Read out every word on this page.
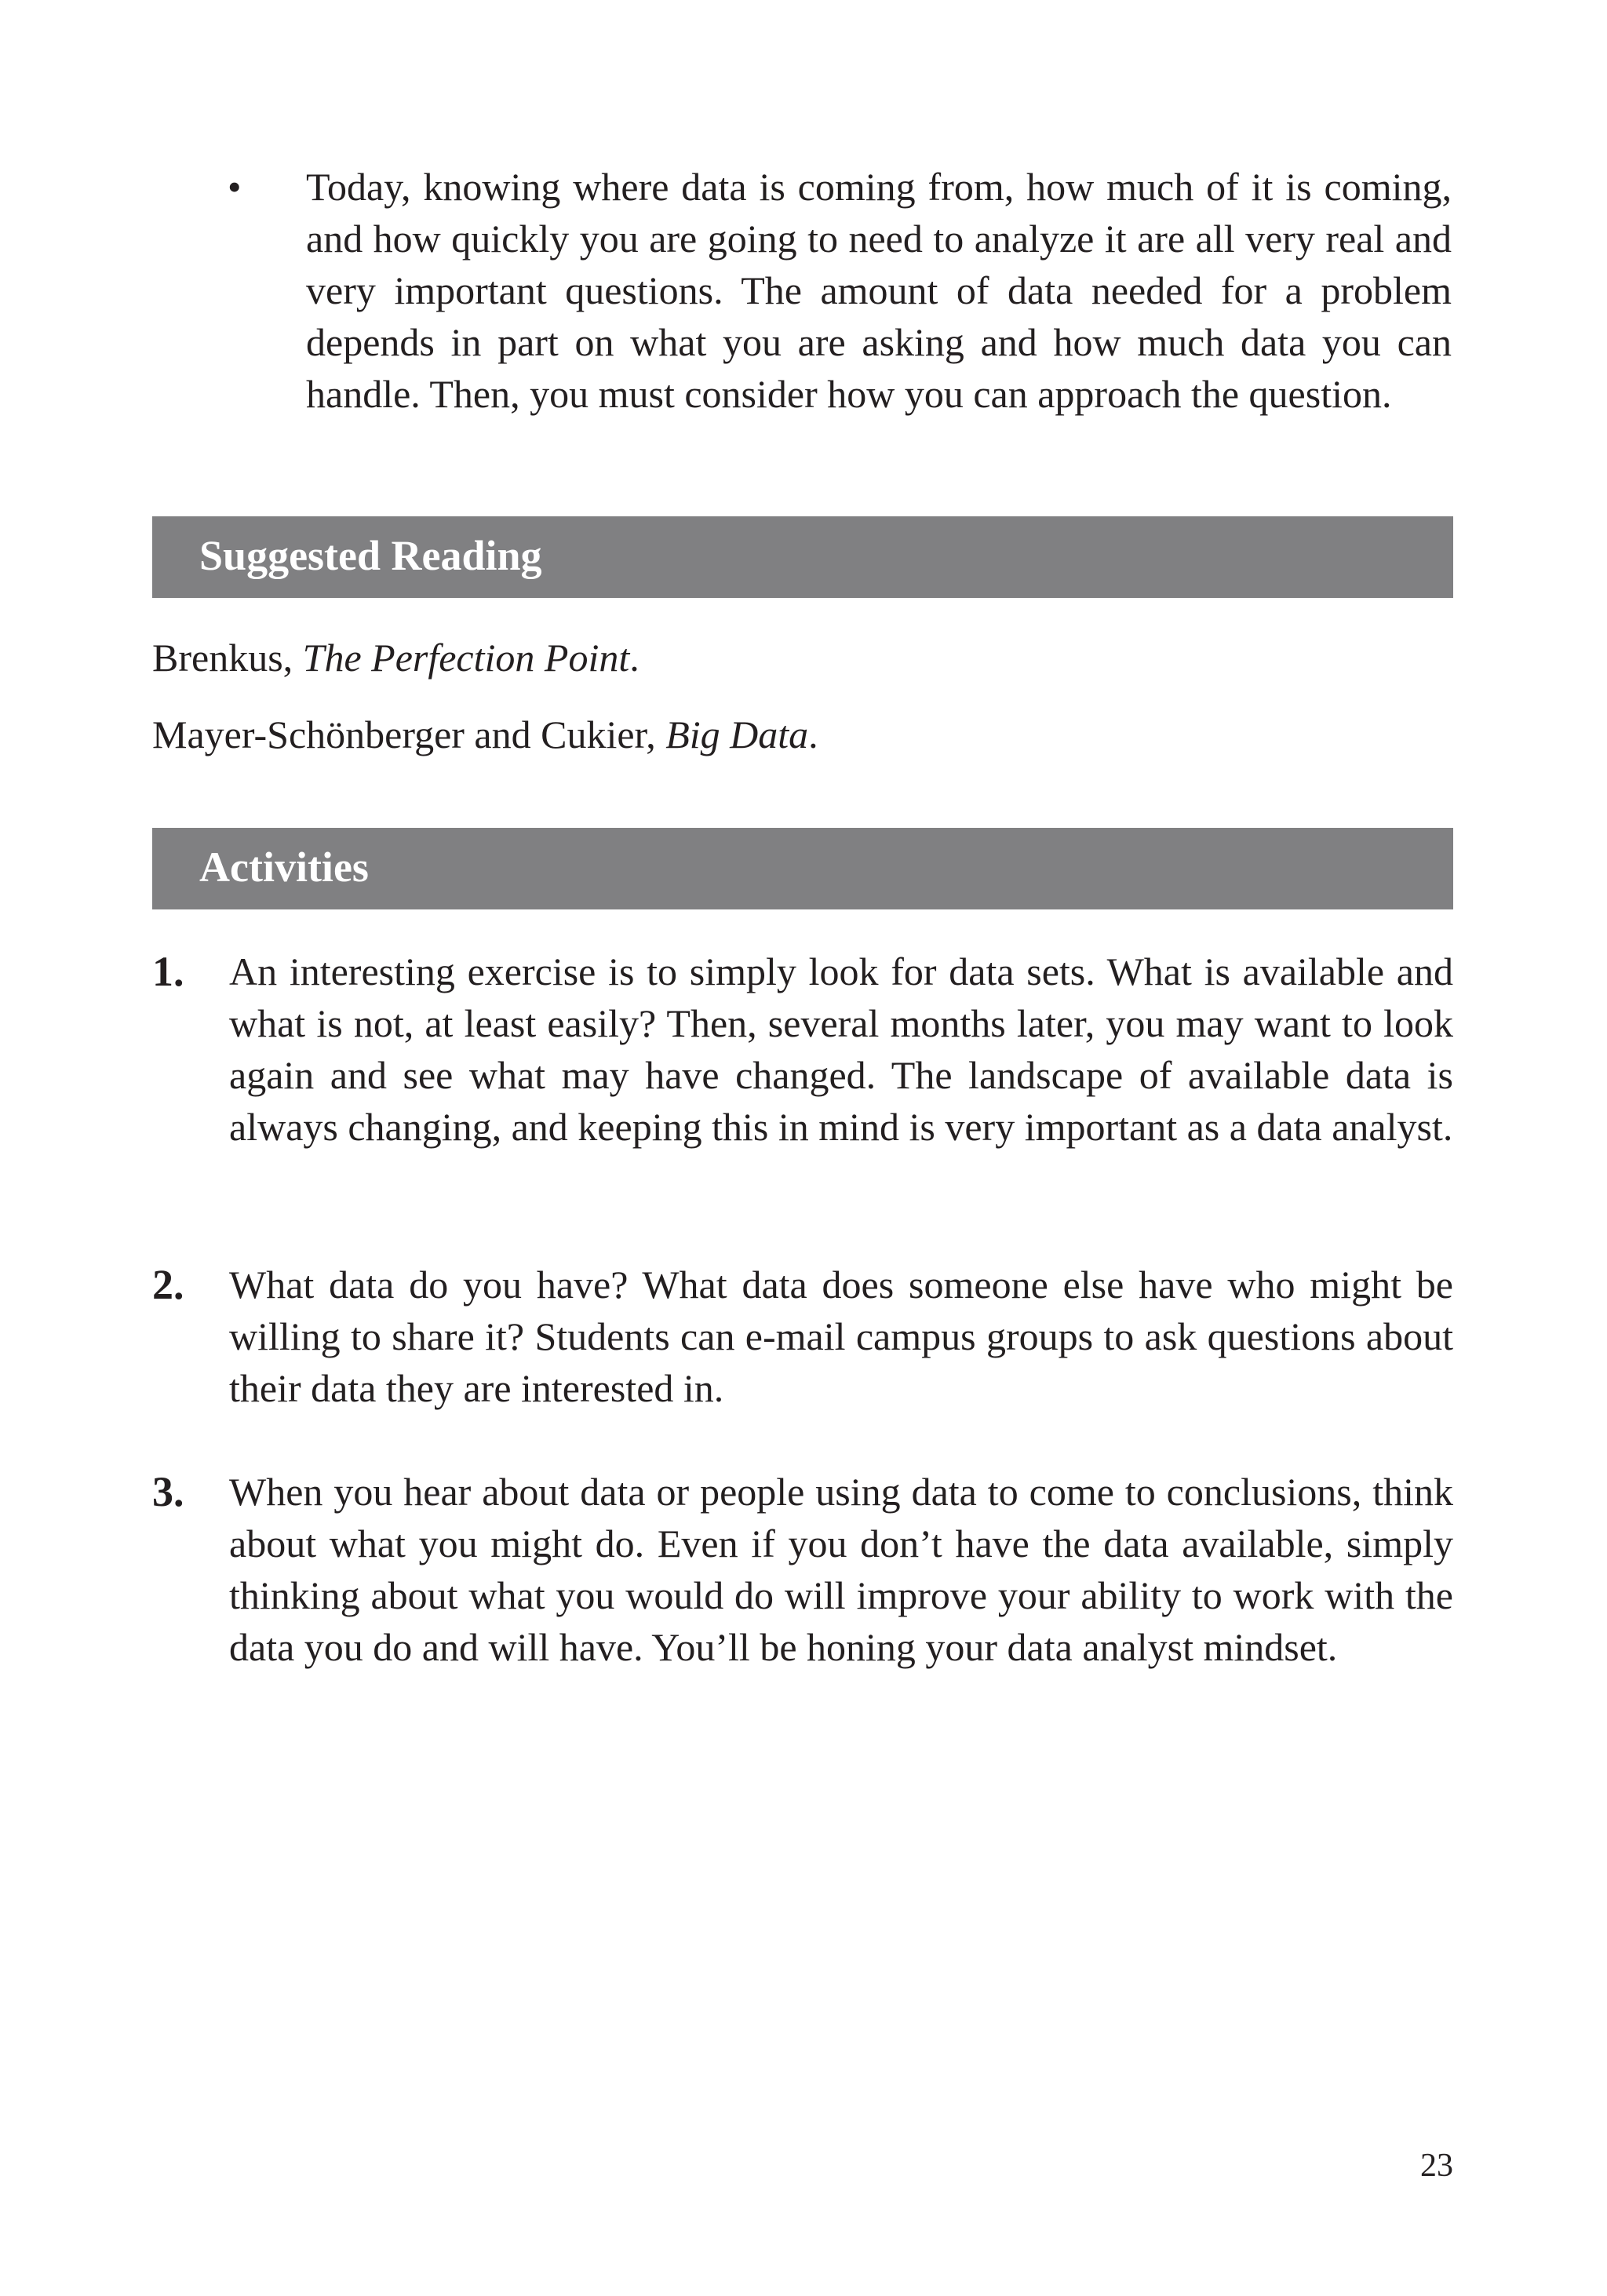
• Today, knowing where data is coming from, how much of it is coming, and how quickly you are going to need to analyze it are all very real and very important questions. The amount of data needed for a problem depends in part on what you are asking and how much data you can handle. Then, you must consider how you can approach the question.
Suggested Reading
Brenkus, The Perfection Point.
Mayer-Schönberger and Cukier, Big Data.
Activities
1. An interesting exercise is to simply look for data sets. What is available and what is not, at least easily? Then, several months later, you may want to look again and see what may have changed. The landscape of available data is always changing, and keeping this in mind is very important as a data analyst.
2. What data do you have? What data does someone else have who might be willing to share it? Students can e-mail campus groups to ask questions about their data they are interested in.
3. When you hear about data or people using data to come to conclusions, think about what you might do. Even if you don’t have the data available, simply thinking about what you would do will improve your ability to work with the data you do and will have. You’ll be honing your data analyst mindset.
23
